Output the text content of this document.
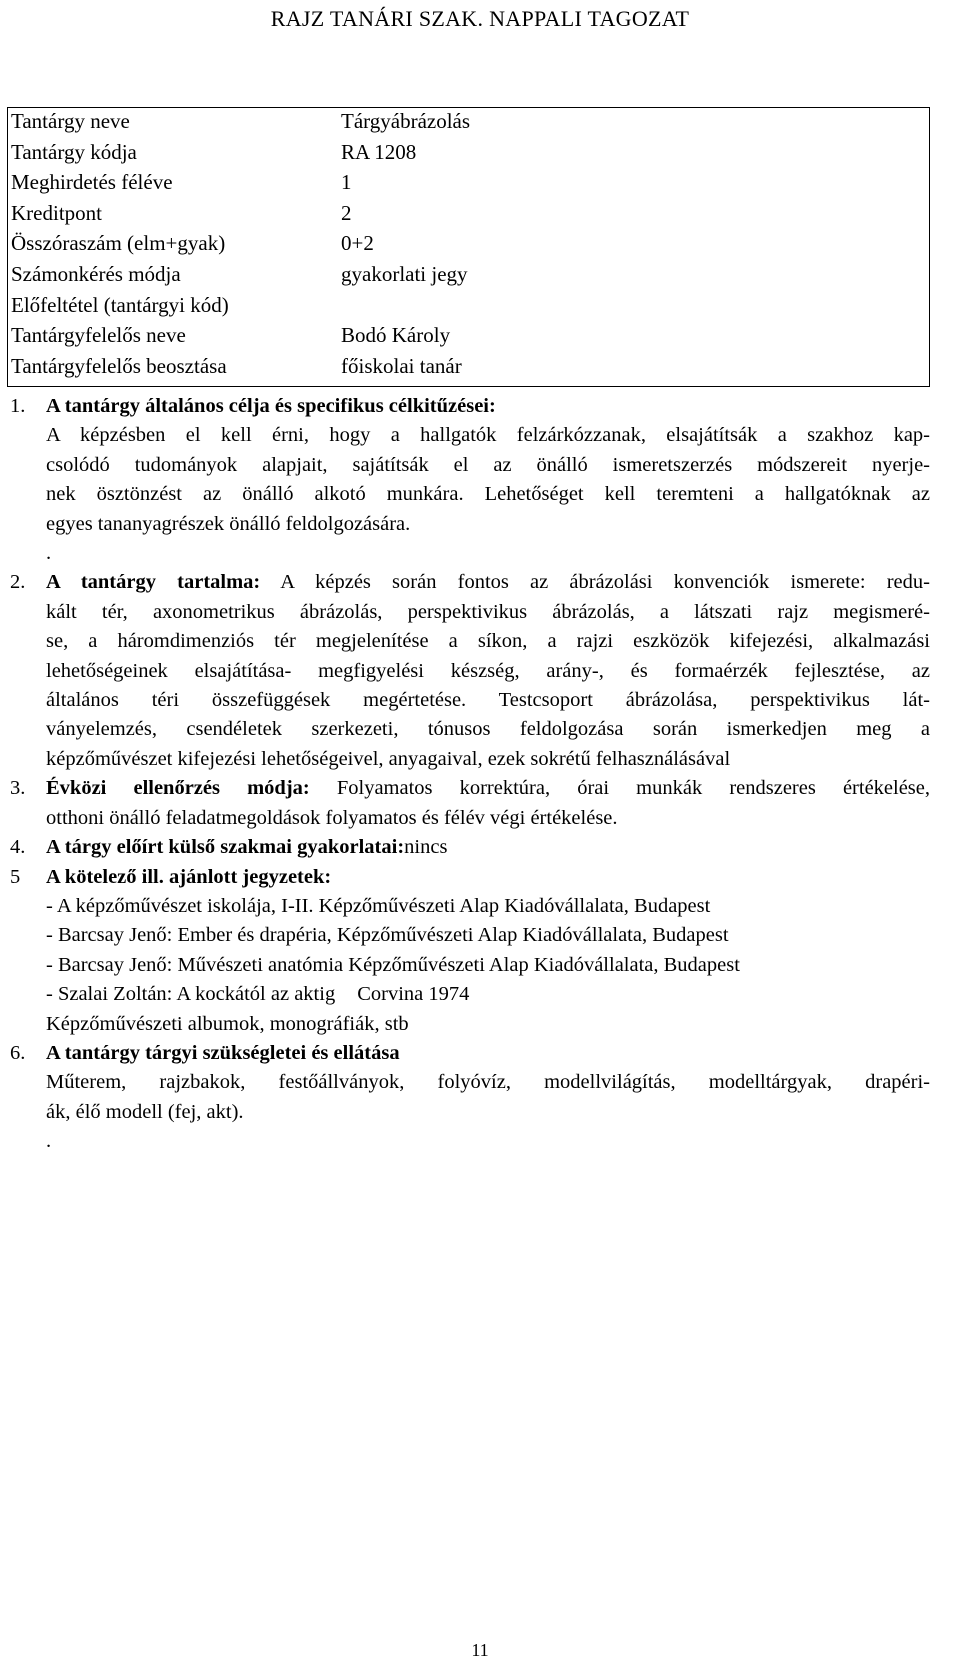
RAJZ TANÁRI SZAK. NAPPALI TAGOZAT
Tantárgy neve	Tárgyábrázolás
Tantárgy kódja	RA 1208
Meghirdetés féléve	1
Kreditpont	2
Összóraszám (elm+gyak)	0+2
Számonkérés módja	gyakorlati jegy
Előfeltétel (tantárgyi kód)	
Tantárgyfelelős neve	Bodó Károly
Tantárgyfelelős beosztása	főiskolai tanár
1. A tantárgy általános célja és specifikus célkitűzései:
A képzésben el kell érni, hogy a hallgatók felzárkózzanak, elsajátítsák a szakhoz kap-
csolódó tudományok alapjait, sajátítsák el az önálló ismeretszerzés módszereit nyerje-
nek ösztönzést az önálló alkotó munkára. Lehetőséget kell teremteni a hallgatóknak az
egyes tananyagrészek önálló feldolgozására.
.
2. A tantárgy tartalma: A képzés során fontos az ábrázolási konvenciók ismerete: redu-
kált tér, axonometrikus ábrázolás, perspektivikus ábrázolás, a látszati rajz megismeré-
se, a háromdimenziós tér megjelenítése a síkon, a rajzi eszközök kifejezési, alkalmazási
lehetőségeinek elsajátítása- megfigyelési készség, arány-, és formaérzék fejlesztése, az
általános téri összefüggések megértetése. Testcsoport ábrázolása, perspektivikus lát-
ványelemzés, csendéletek szerkezeti, tónusos feldolgozása során ismerkedjen meg a
képzőművészet kifejezési lehetőségeivel, anyagaival, ezek sokrétű felhasználásával
3. Évközi ellenőrzés módja: Folyamatos korrektúra, órai munkák rendszeres értékelése,
otthoni önálló feladatmegoldások folyamatos és félév végi értékelése.
4. A tárgy előírt külső szakmai gyakorlatai:nincs
5 A kötelező ill. ajánlott jegyzetek:
- A képzőművészet iskolája, I-II. Képzőművészeti Alap Kiadóvállalata, Budapest
- Barcsay Jenő: Ember és drapéria, Képzőművészeti Alap Kiadóvállalata, Budapest
- Barcsay Jenő: Művészeti anatómia Képzőművészeti Alap Kiadóvállalata, Budapest
- Szalai Zoltán: A kockától az aktig Corvina 1974
Képzőművészeti albumok, monográfiák, stb
6. A tantárgy tárgyi szükségletei és ellátása
Műterem, rajzbakok, festőállványok, folyóvíz, modellvilágítás, modelltárgyak, drapéri-
ák, élő modell (fej, akt).
.
11
